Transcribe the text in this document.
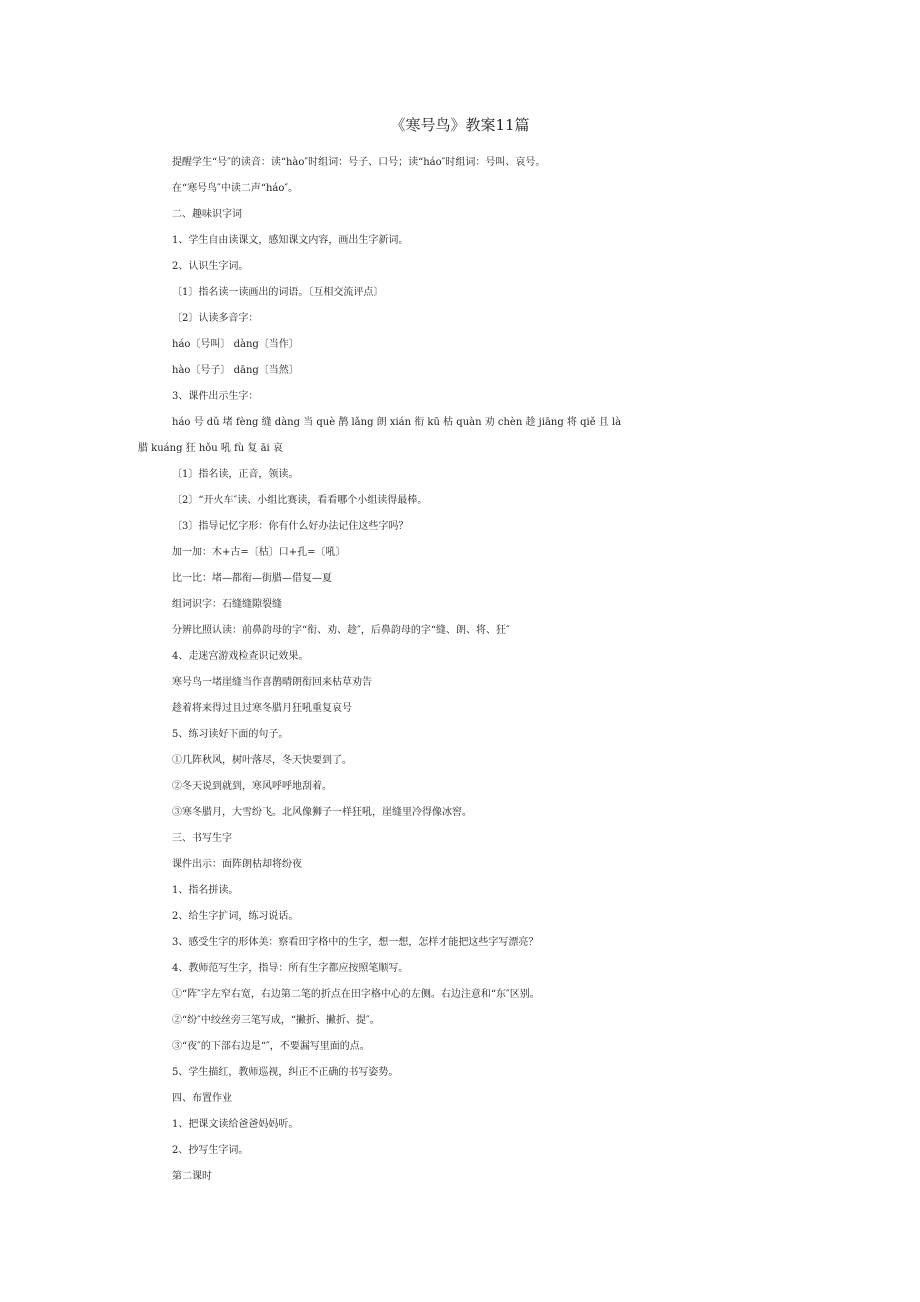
《寒号鸟》教案11篇
提醒学生“号″的读音：读“hào″时组词：号子、口号；读“háo″时组词：号叫、哀号。
在“寒号鸟″中读二声“háo″。
二、趣味识字词
1、学生自由读课文，感知课文内容，画出生字新词。
2、认识生字词。
〔1〕指名读一读画出的词语。〔互相交流评点〕
〔2〕认读多音字：
háo〔号叫〕 dàng〔当作〕
hào〔号子〕 dāng〔当然〕
3、课件出示生字：
háo 号 dǔ 堵 fèng 缝 dàng 当 què 鹊 lǎng 朗 xián 衔 kū 枯 quàn 劝 chèn 趁 jiāng 将 qiě 且 là
腊 kuáng 狂 hǒu 吼 fù 复 āi 哀
〔1〕指名读，正音，领读。
〔2〕“开火车″读、小组比赛读，看看哪个小组读得最棒。
〔3〕指导记忆字形：你有什么好办法记住这些字吗？
加一加：木+古=〔枯〕口+孔=〔吼〕
比一比：堵—都衔—街腊—借复—夏
组词识字：石缝缝隙裂缝
分辨比照认读：前鼻韵母的字“衔、劝、趁″，后鼻韵母的字“缝、朗、将、狂″
4、走迷宫游戏检查识记效果。
寒号鸟一堵崖缝当作喜鹊晴朗衔回来枯草劝告
趁着将来得过且过寒冬腊月狂吼重复哀号
5、练习读好下面的句子。
①几阵秋风，树叶落尽，冬天快要到了。
②冬天说到就到，寒风呼呼地刮着。
③寒冬腊月，大雪纷飞。北风像狮子一样狂吼，崖缝里冷得像冰窖。
三、书写生字
课件出示：面阵朗枯却将纷夜
1、指名拼读。
2、给生字扩词，练习说话。
3、感受生字的形体美：察看田字格中的生字，想一想，怎样才能把这些字写漂亮？
4、教师范写生字，指导：所有生字都应按照笔顺写。
①“阵″字左窄右宽，右边第二笔的折点在田字格中心的左侧。右边注意和“东″区别。
②“纷″中绞丝旁三笔写成，“撇折、撇折、提″。
③“夜″的下部右边是“″，不要漏写里面的点。
5、学生描红，教师巡视，纠正不正确的书写姿势。
四、布置作业
1、把课文读给爸爸妈妈听。
2、抄写生字词。
第二课时
